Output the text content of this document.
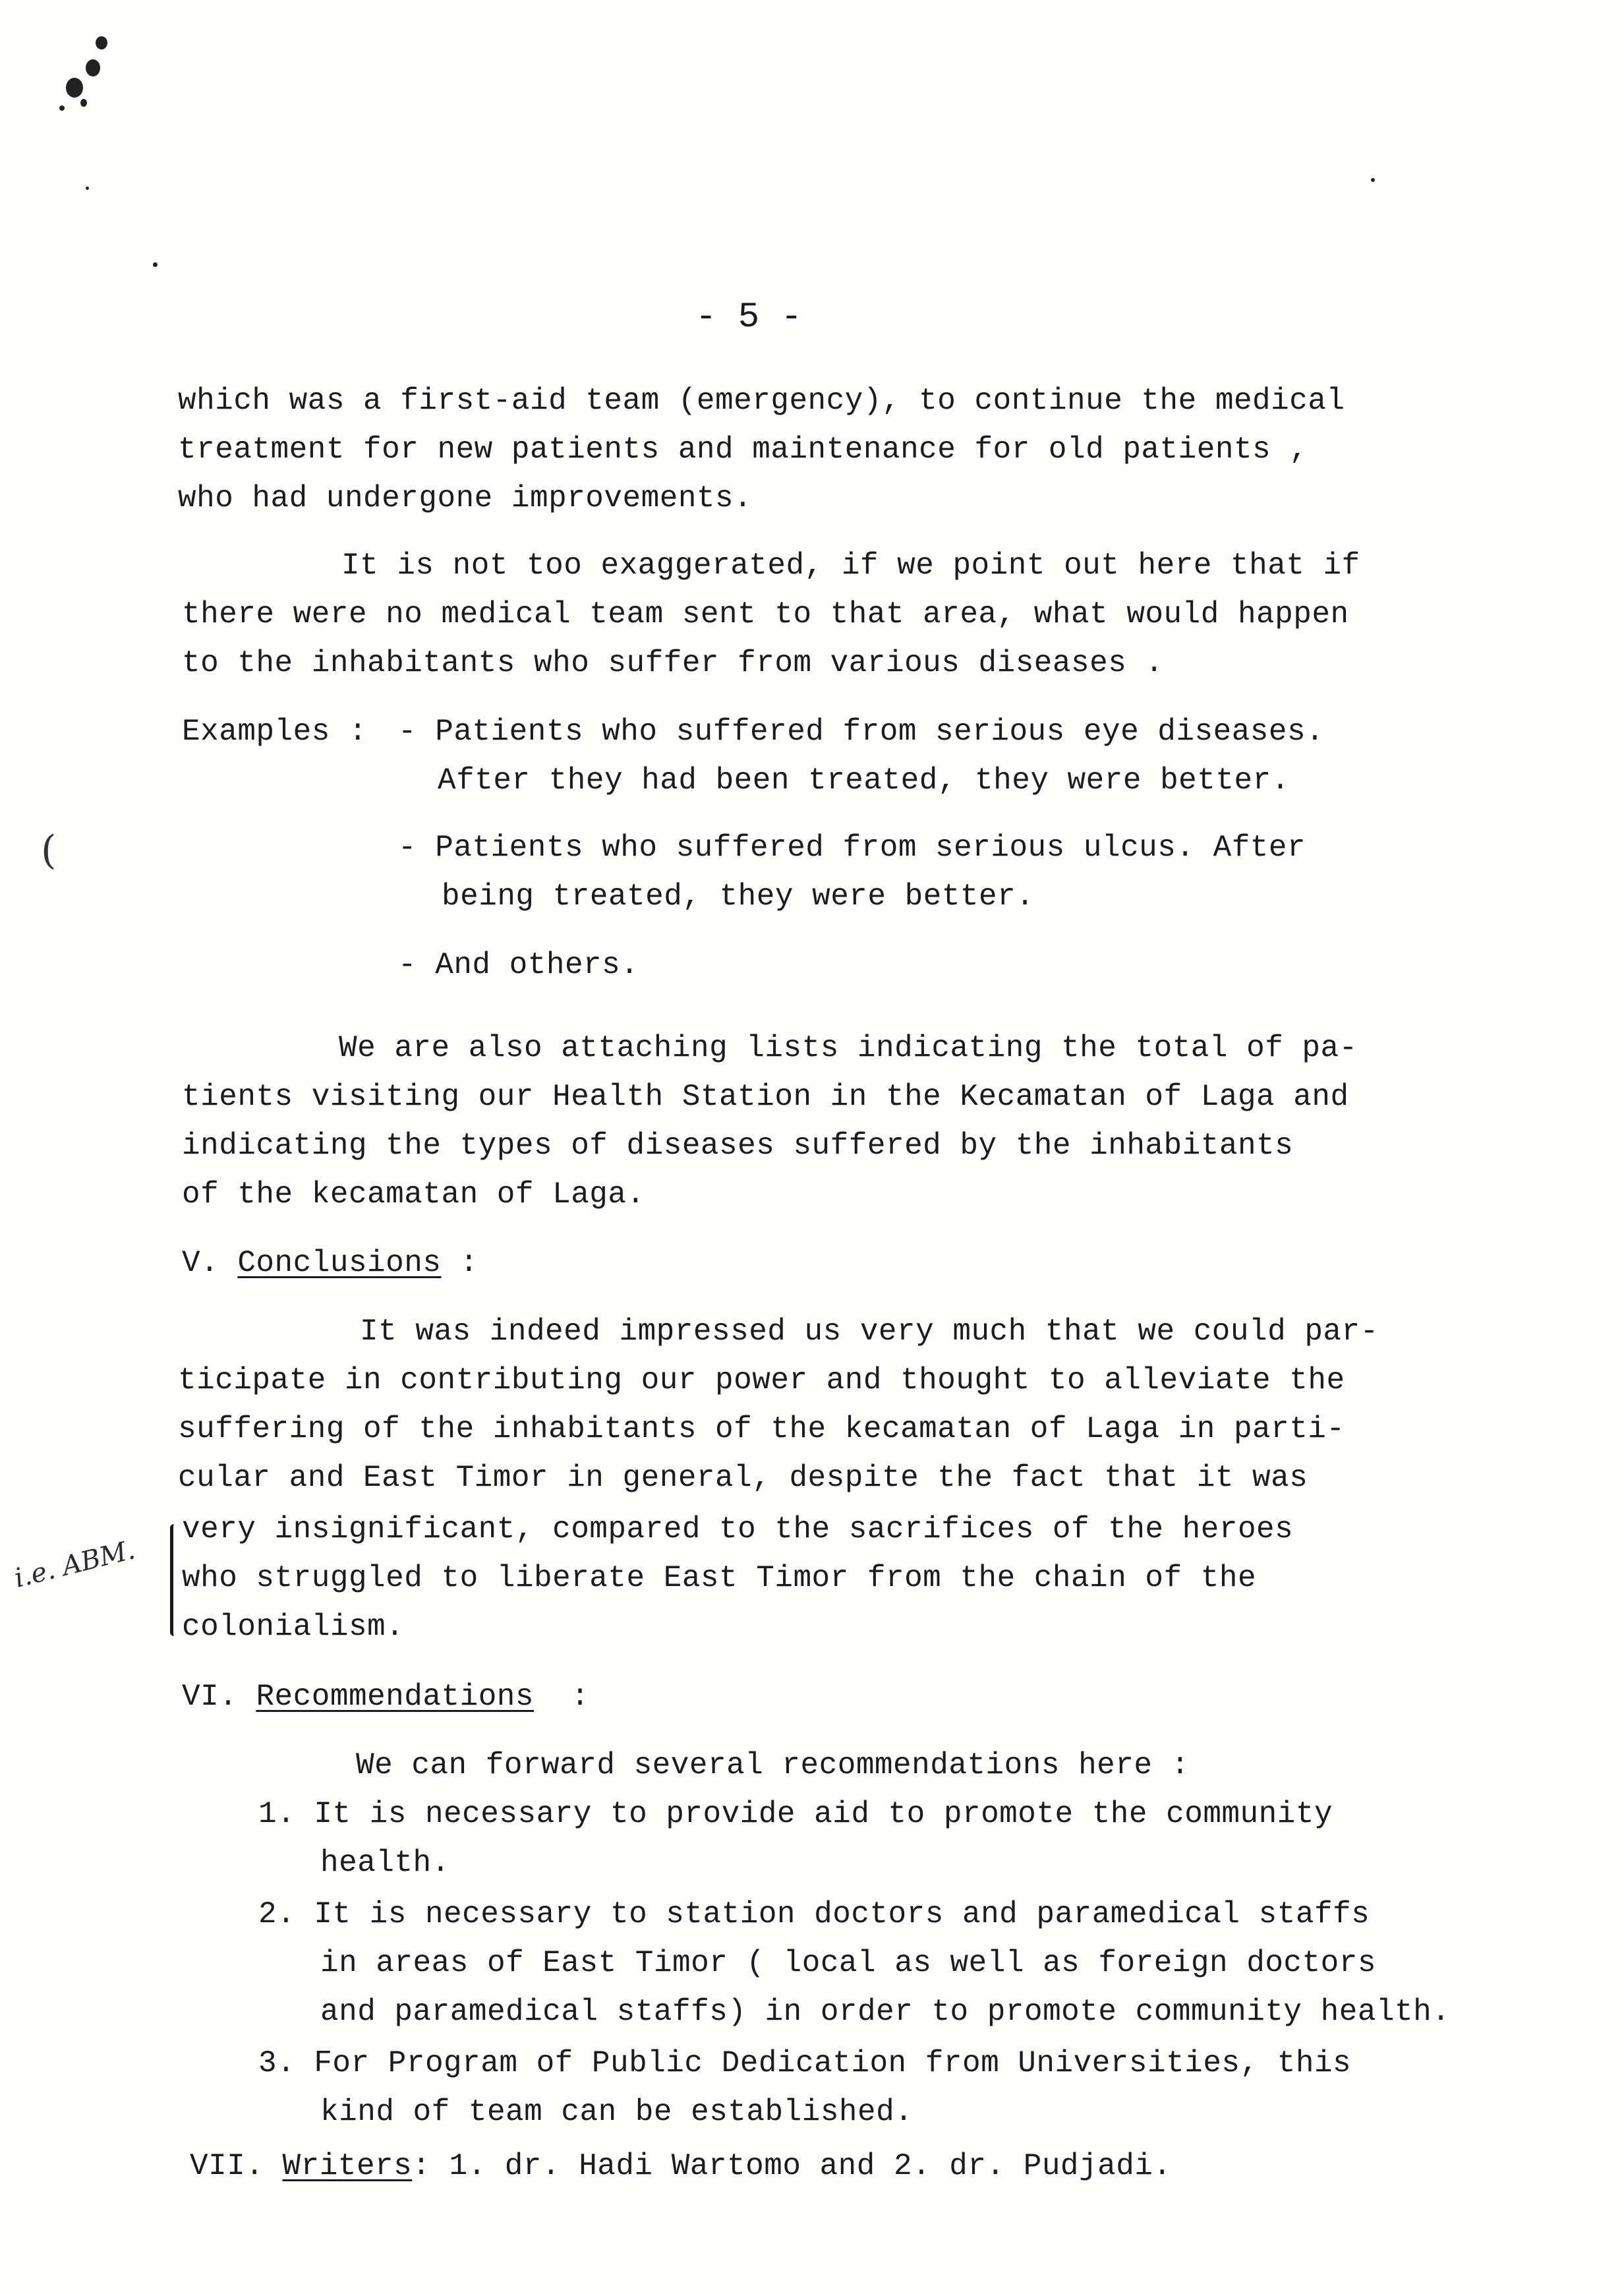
- 5 -
which was a first-aid team (emergency), to continue the medical
treatment for new patients and maintenance for old patients ,
who had undergone improvements.
It is not too exaggerated, if we point out here that if
there were no medical team sent to that area, what would happen
to the inhabitants who suffer from various diseases .
Examples : - Patients who suffered from serious eye diseases.
After they had been treated, they were better.
- Patients who suffered from serious ulcus. After
being treated, they were better.
- And others.
We are also attaching lists indicating the total of pa-
tients visiting our Health Station in the Kecamatan of Laga and
indicating the types of diseases suffered by the inhabitants
of the kecamatan of Laga.
V. Conclusions :
It was indeed impressed us very much that we could par-
ticipate in contributing our power and thought to alleviate the
suffering of the inhabitants of the kecamatan of Laga in parti-
cular and East Timor in general, despite the fact that it was
very insignificant, compared to the sacrifices of the heroes
who struggled to liberate East Timor from the chain of the
colonialism.
(
i.e. ABM.
VI. Recommendations :
We can forward several recommendations here :
1. It is necessary to provide aid to promote the community
health.
2. It is necessary to station doctors and paramedical staffs
in areas of East Timor ( local as well as foreign doctors
and paramedical staffs) in order to promote community health.
3. For Program of Public Dedication from Universities, this
kind of team can be established.
VII. Writers: 1. dr. Hadi Wartomo and 2. dr. Pudjadi.
